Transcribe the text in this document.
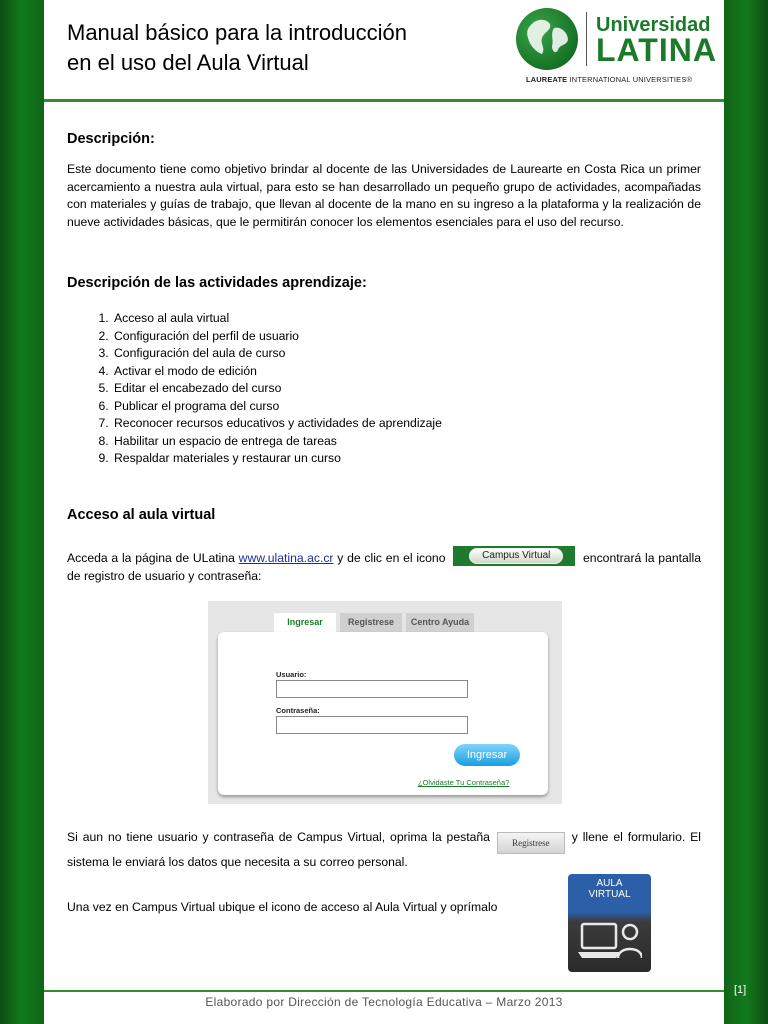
Manual básico para la introducción
en el uso del Aula Virtual
Universidad
LATINA
LAUREATE INTERNATIONAL UNIVERSITIES®
Descripción:

Este documento tiene como objetivo brindar al docente de las Universidades de Laurearte en Costa Rica un primer acercamiento a nuestra aula virtual, para esto se han desarrollado un pequeño grupo de actividades, acompañadas con materiales y guías de trabajo, que llevan al docente de la mano en su ingreso a la plataforma y la realización de nueve actividades básicas, que le permitirán conocer los elementos esenciales para el uso del recurso.

Descripción de las actividades aprendizaje:
1. Acceso al aula virtual
2. Configuración del perfil de usuario
3. Configuración del aula de curso
4. Activar el modo de edición
5. Editar el encabezado del curso
6. Publicar el programa del curso
7. Reconocer recursos educativos y actividades de aprendizaje
8. Habilitar un espacio de entrega de tareas
9. Respaldar materiales y restaurar un curso
Acceso al aula virtual

Acceda a la página de ULatina www.ulatina.ac.cr y de clic en el icono	Campus Virtual	encontrará la pantalla de registro de usuario y contraseña:

Ingresar	Registrese	Centro Ayuda
Usuario:
Contraseña:
Ingresar
¿Olvidaste Tu Contraseña?

Si aun no tiene usuario y contraseña de Campus Virtual, oprima la pestaña Registrese y llene el formulario. El sistema le enviará los datos que necesita a su correo personal.

Una vez en Campus Virtual ubique el icono de acceso al Aula Virtual y oprímalo

AULA
VIRTUAL
Elaborado por Dirección de Tecnología Educativa – Marzo 2013
[1]
